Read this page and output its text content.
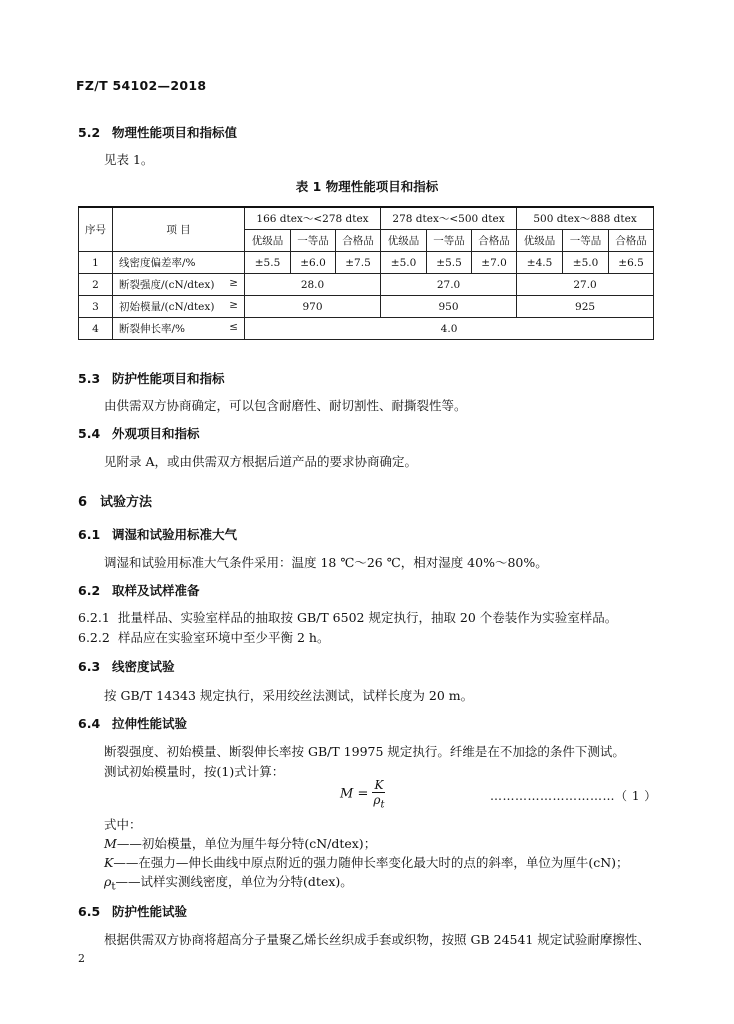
FZ/T 54102—2018
5.2 物理性能项目和指标值
见表 1。
表 1 物理性能项目和指标
序号	项 目	166 dtex～<278 dtex			278 dtex～<500 dtex			500 dtex～888 dtex		
		优级品	一等品	合格品	优级品	一等品	合格品	优级品	一等品	合格品
1	线密度偏差率/%	±5.5	±6.0	±7.5	±5.0	±5.5	±7.0	±4.5	±5.0	±6.5
2	断裂强度/(cN/dtex) ≥	28.0			27.0			27.0		
3	初始模量/(cN/dtex) ≥	970			950			925		
4	断裂伸长率/% ≤	4.0								
5.3 防护性能项目和指标
由供需双方协商确定，可以包含耐磨性、耐切割性、耐撕裂性等。
5.4 外观项目和指标
见附录 A，或由供需双方根据后道产品的要求协商确定。
6 试验方法
6.1 调湿和试验用标准大气
调湿和试验用标准大气条件采用：温度 18 ℃～26 ℃，相对湿度 40%～80%。
6.2 取样及试样准备
6.2.1 批量样品、实验室样品的抽取按 GB/T 6502 规定执行，抽取 20 个卷装作为实验室样品。
6.2.2 样品应在实验室环境中至少平衡 2 h。
6.3 线密度试验
按 GB/T 14343 规定执行，采用绞丝法测试，试样长度为 20 m。
6.4 拉伸性能试验
断裂强度、初始模量、断裂伸长率按 GB/T 19975 规定执行。纤维是在不加捻的条件下测试。
测试初始模量时，按(1)式计算：
$M = \frac{K}{\rho_t}$	…………………………（ 1 ）
式中：
M——初始模量，单位为厘牛每分特(cN/dtex)；
K——在强力—伸长曲线中原点附近的强力随伸长率变化最大时的点的斜率，单位为厘牛(cN)；
$\rho_t——$试样实测线密度，单位为分特(dtex)。
6.5 防护性能试验
根据供需双方协商将超高分子量聚乙烯长丝织成手套或织物，按照 GB 24541 规定试验耐摩擦性、
2
